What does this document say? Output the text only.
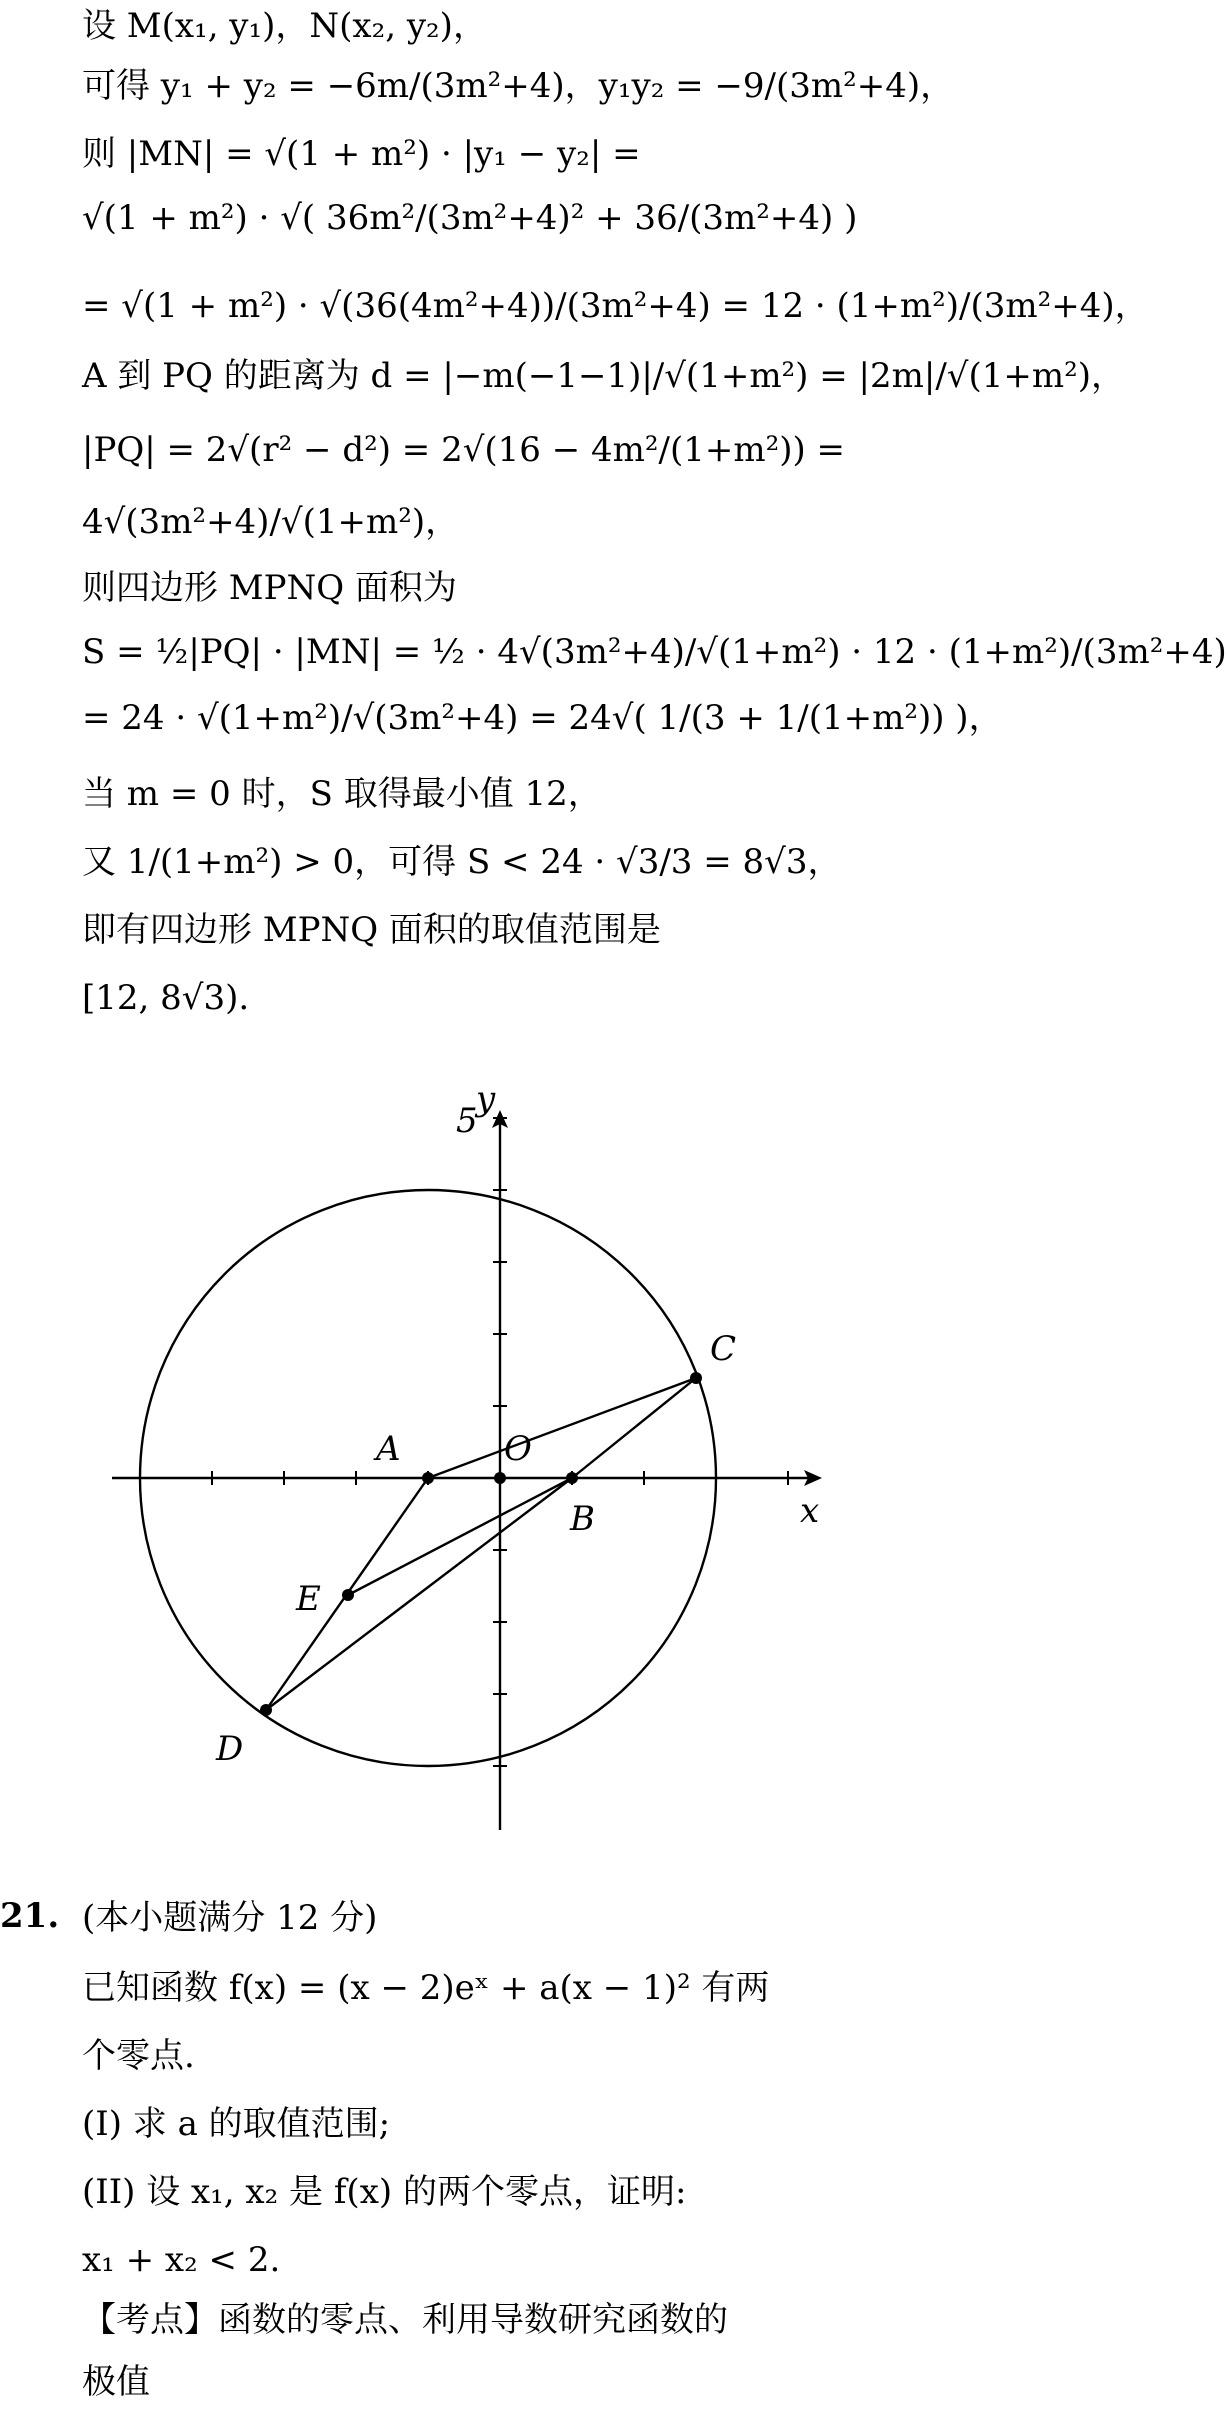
设 M(x₁, y₁)，N(x₂, y₂)，
可得 y₁ + y₂ = −6m/(3m²+4)，y₁y₂ = −9/(3m²+4)，
则 |MN| = √(1 + m²) · |y₁ − y₂| =
√(1 + m²) · √( 36m²/(3m²+4)² + 36/(3m²+4) )
= √(1 + m²) · √(36(4m²+4))/(3m²+4) = 12 · (1+m²)/(3m²+4)，
A 到 PQ 的距离为 d = |−m(−1−1)|/√(1+m²) = |2m|/√(1+m²)，
|PQ| = 2√(r² − d²) = 2√(16 − 4m²/(1+m²)) =
4√(3m²+4)/√(1+m²)，
则四边形 MPNQ 面积为
S = ½|PQ| · |MN| = ½ · 4√(3m²+4)/√(1+m²) · 12 · (1+m²)/(3m²+4)
= 24 · √(1+m²)/√(3m²+4) = 24√( 1/(3 + 1/(1+m²)) )，
当 m = 0 时，S 取得最小值 12，
又 1/(1+m²) > 0，可得 S < 24 · √3/3 = 8√3，
即有四边形 MPNQ 面积的取值范围是
[12, 8√3).
y
x
5
A	O
B
C
D
E
21. (本小题满分 12 分)
已知函数 f(x) = (x − 2)eˣ + a(x − 1)² 有两
个零点.
(I) 求 a 的取值范围;
(II) 设 x₁, x₂ 是 f(x) 的两个零点，证明:
x₁ + x₂ < 2.
【考点】函数的零点、利用导数研究函数的
极值
